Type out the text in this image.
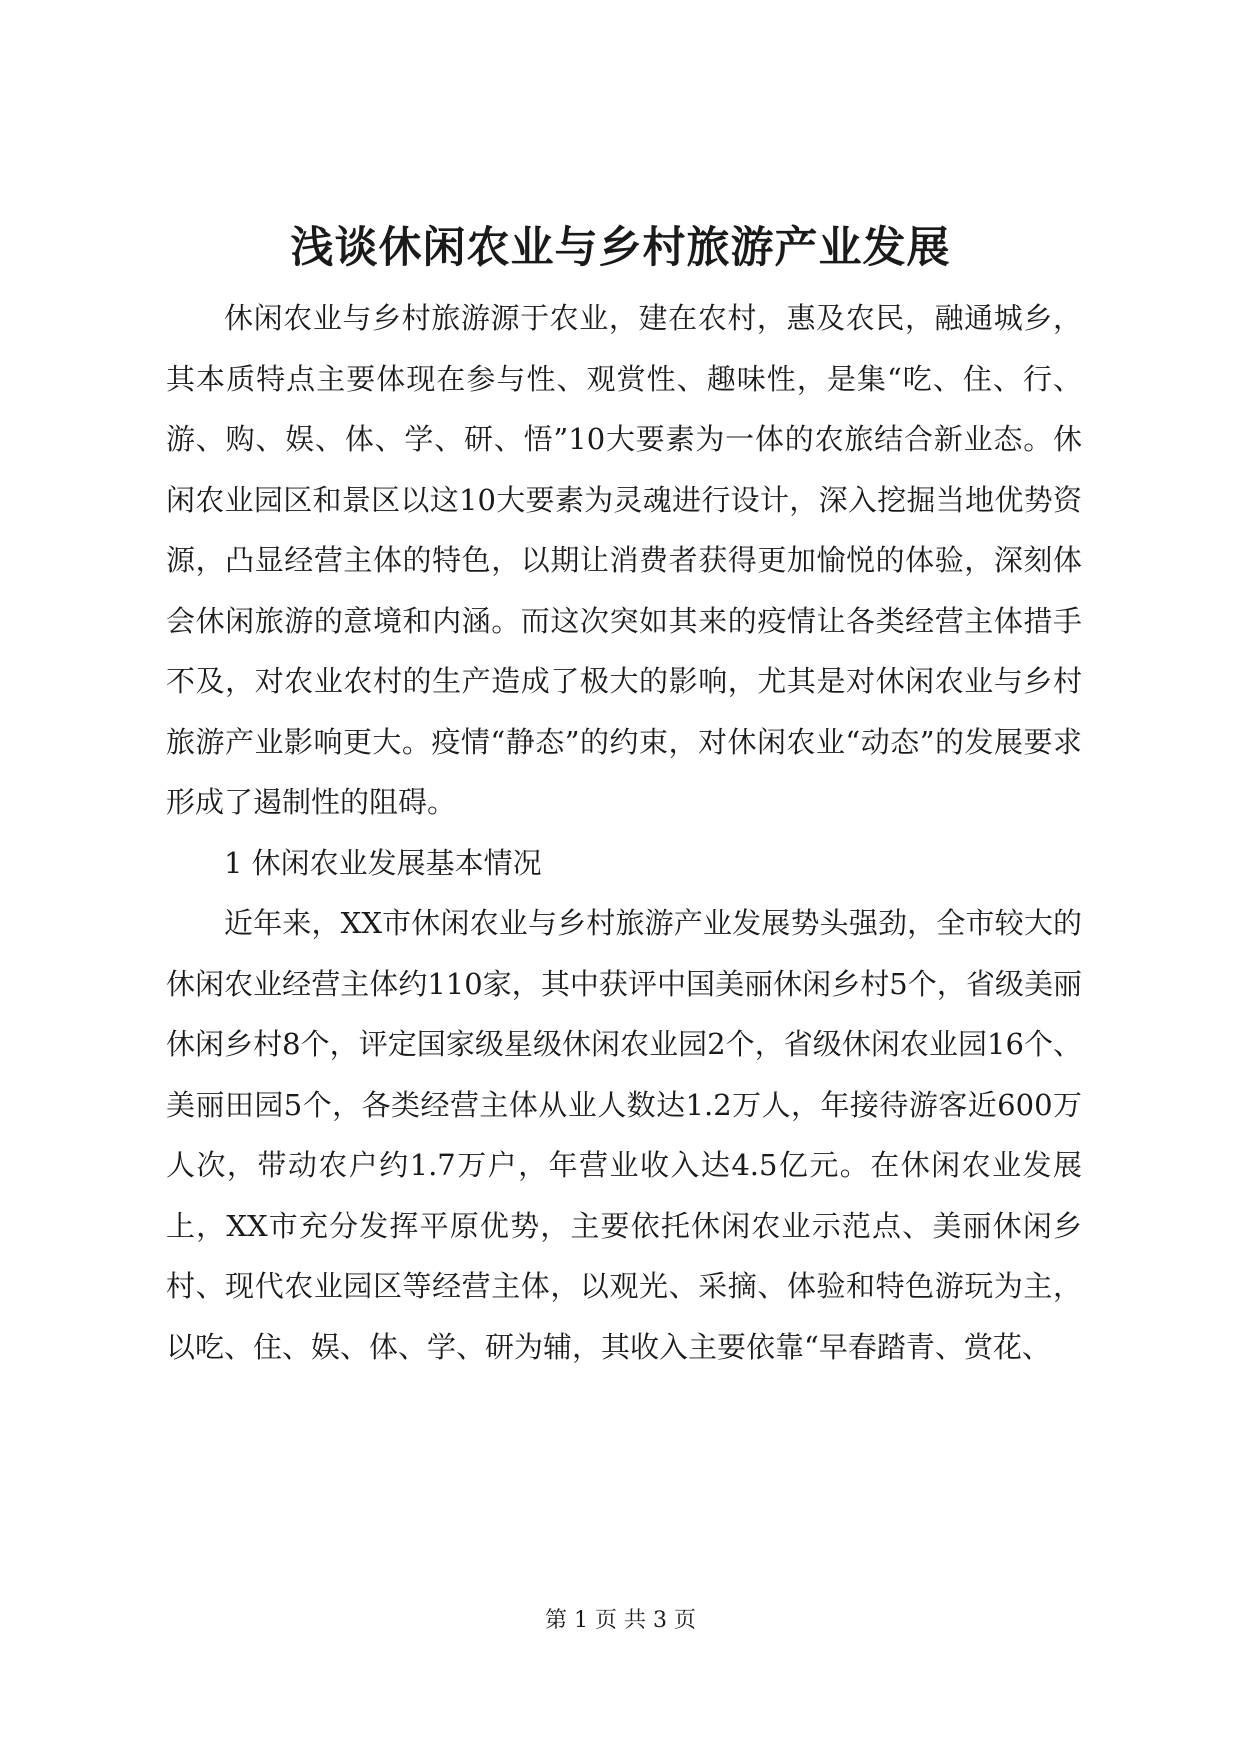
浅谈休闲农业与乡村旅游产业发展

休闲农业与乡村旅游源于农业，建在农村，惠及农民，融通城乡，其本质特点主要体现在参与性、观赏性、趣味性，是集“吃、住、行、游、购、娱、体、学、研、悟”10大要素为一体的农旅结合新业态。休闲农业园区和景区以这10大要素为灵魂进行设计，深入挖掘当地优势资源，凸显经营主体的特色，以期让消费者获得更加愉悦的体验，深刻体会休闲旅游的意境和内涵。而这次突如其来的疫情让各类经营主体措手不及，对农业农村的生产造成了极大的影响，尤其是对休闲农业与乡村旅游产业影响更大。疫情“静态”的约束，对休闲农业“动态”的发展要求形成了遏制性的阻碍。

1 休闲农业发展基本情况

近年来，XX市休闲农业与乡村旅游产业发展势头强劲，全市较大的休闲农业经营主体约110家，其中获评中国美丽休闲乡村5个，省级美丽休闲乡村8个，评定国家级星级休闲农业园2个，省级休闲农业园16个、美丽田园5个，各类经营主体从业人数达1.2万人，年接待游客近600万人次，带动农户约1.7万户，年营业收入达4.5亿元。在休闲农业发展上，XX市充分发挥平原优势，主要依托休闲农业示范点、美丽休闲乡村、现代农业园区等经营主体，以观光、采摘、体验和特色游玩为主，以吃、住、娱、体、学、研为辅，其收入主要依靠“早春踏青、赏花、

第 1 页 共 3 页
